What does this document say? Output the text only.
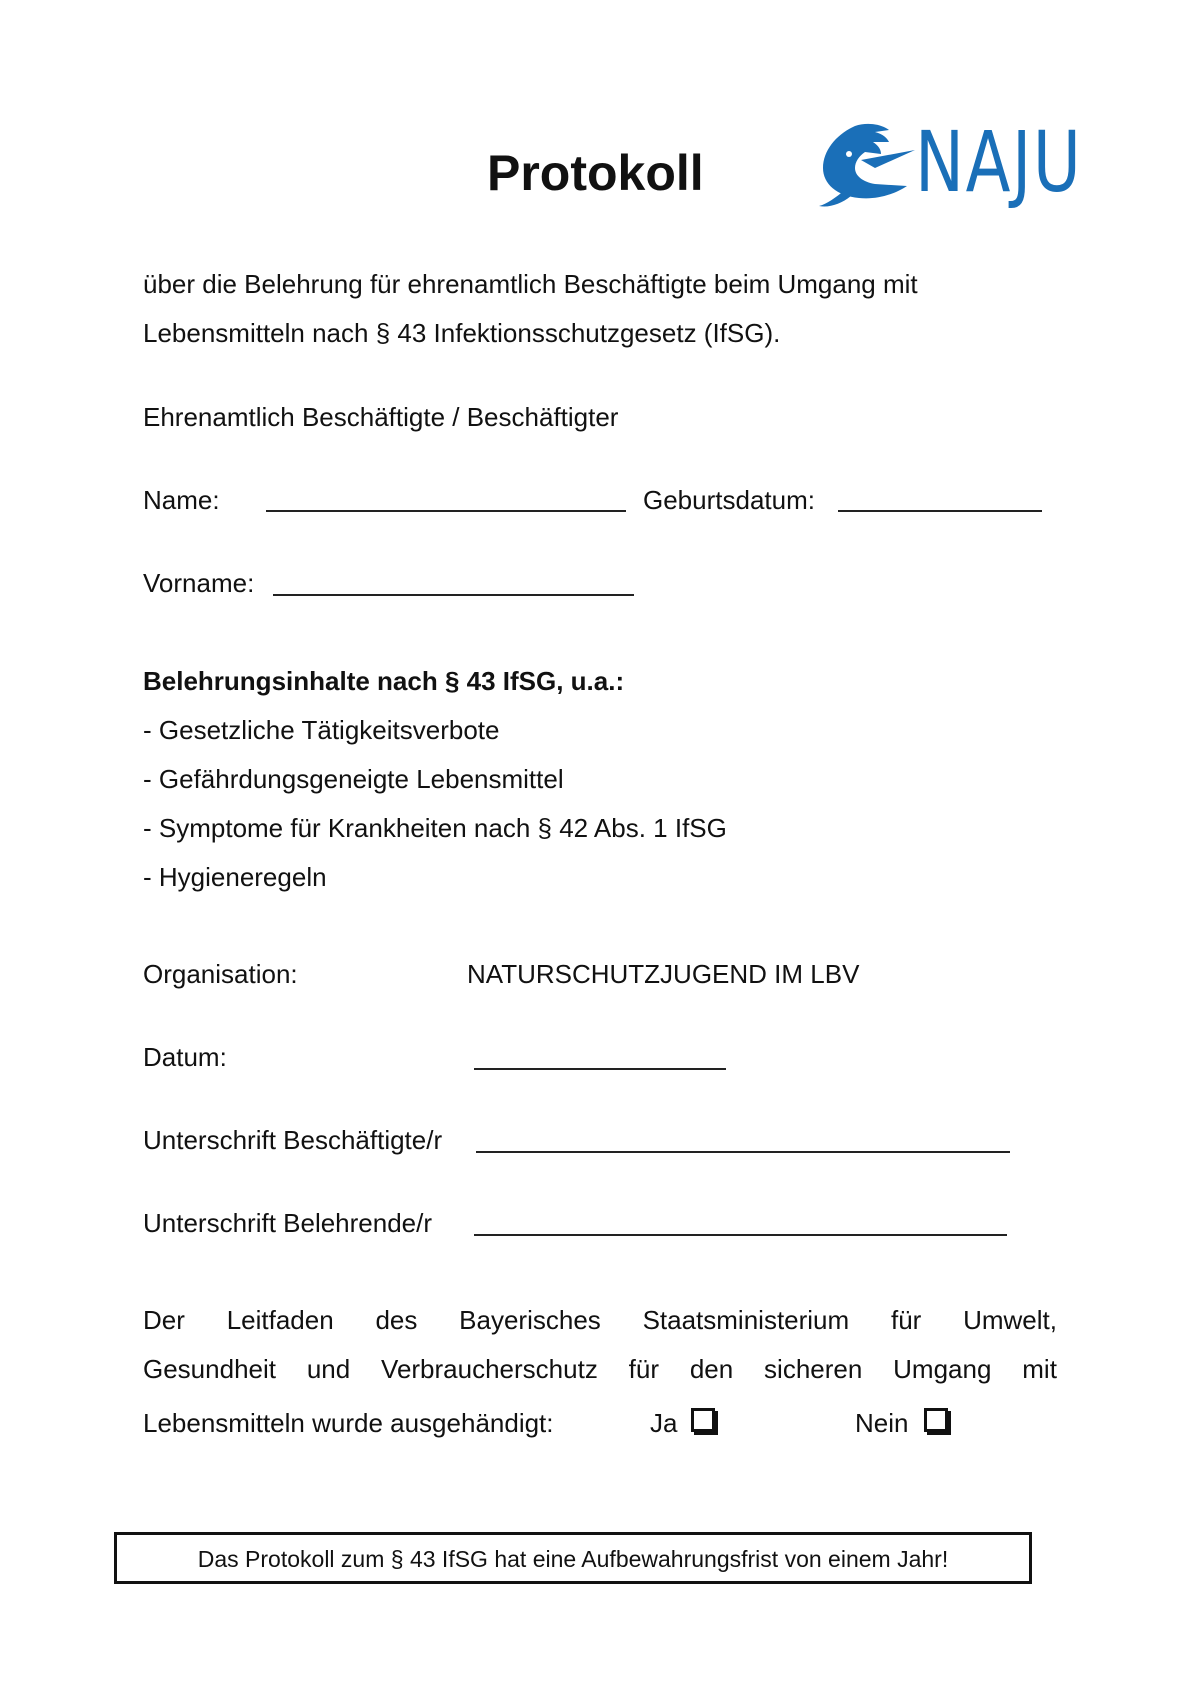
Protokoll	NAJU
über die Belehrung für ehrenamtlich Beschäftigte beim Umgang mit
Lebensmitteln nach § 43 Infektionsschutzgesetz (IfSG).
Ehrenamtlich Beschäftigte / Beschäftigter
Name:	Geburtsdatum:
Vorname:
Belehrungsinhalte nach § 43 IfSG, u.a.:
- Gesetzliche Tätigkeitsverbote
- Gefährdungsgeneigte Lebensmittel
- Symptome für Krankheiten nach § 42 Abs. 1 IfSG
- Hygieneregeln
Organisation:	NATURSCHUTZJUGEND IM LBV
Datum:
Unterschrift Beschäftigte/r
Unterschrift Belehrende/r
Der Leitfaden des Bayerisches Staatsministerium für Umwelt,
Gesundheit und Verbraucherschutz für den sicheren Umgang mit
Lebensmitteln wurde ausgehändigt:	Ja	Nein
Das Protokoll zum § 43 IfSG hat eine Aufbewahrungsfrist von einem Jahr!
